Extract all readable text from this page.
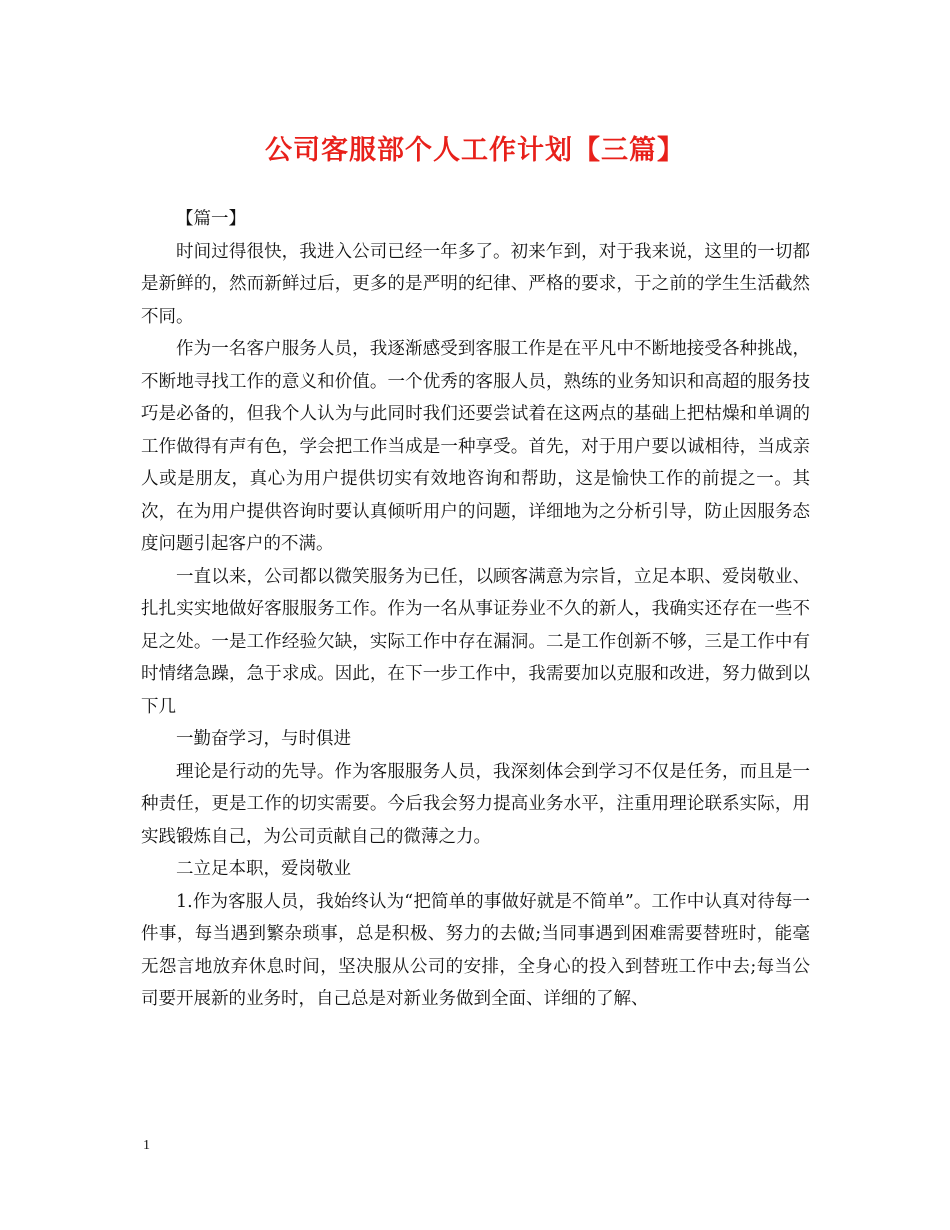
公司客服部个人工作计划【三篇】

【篇一】

时间过得很快，我进入公司已经一年多了。初来乍到，对于我来说，这里的一切都是新鲜的，然而新鲜过后，更多的是严明的纪律、严格的要求，于之前的学生生活截然不同。

作为一名客户服务人员，我逐渐感受到客服工作是在平凡中不断地接受各种挑战，不断地寻找工作的意义和价值。一个优秀的客服人员，熟练的业务知识和高超的服务技巧是必备的，但我个人认为与此同时我们还要尝试着在这两点的基础上把枯燥和单调的工作做得有声有色，学会把工作当成是一种享受。首先，对于用户要以诚相待，当成亲人或是朋友，真心为用户提供切实有效地咨询和帮助，这是愉快工作的前提之一。其次，在为用户提供咨询时要认真倾听用户的问题，详细地为之分析引导，防止因服务态度问题引起客户的不满。

一直以来，公司都以微笑服务为已任，以顾客满意为宗旨，立足本职、爱岗敬业、扎扎实实地做好客服服务工作。作为一名从事证券业不久的新人，我确实还存在一些不足之处。一是工作经验欠缺，实际工作中存在漏洞。二是工作创新不够，三是工作中有时情绪急躁，急于求成。因此，在下一步工作中，我需要加以克服和改进，努力做到以下几

一勤奋学习，与时俱进

理论是行动的先导。作为客服服务人员，我深刻体会到学习不仅是任务，而且是一种责任，更是工作的切实需要。今后我会努力提高业务水平，注重用理论联系实际，用实践锻炼自己，为公司贡献自己的微薄之力。

二立足本职，爱岗敬业

1.作为客服人员，我始终认为“把简单的事做好就是不简单”。工作中认真对待每一件事，每当遇到繁杂琐事，总是积极、努力的去做;当同事遇到困难需要替班时，能毫无怨言地放弃休息时间，坚决服从公司的安排，全身心的投入到替班工作中去;每当公司要开展新的业务时，自己总是对新业务做到全面、详细的了解、

1
